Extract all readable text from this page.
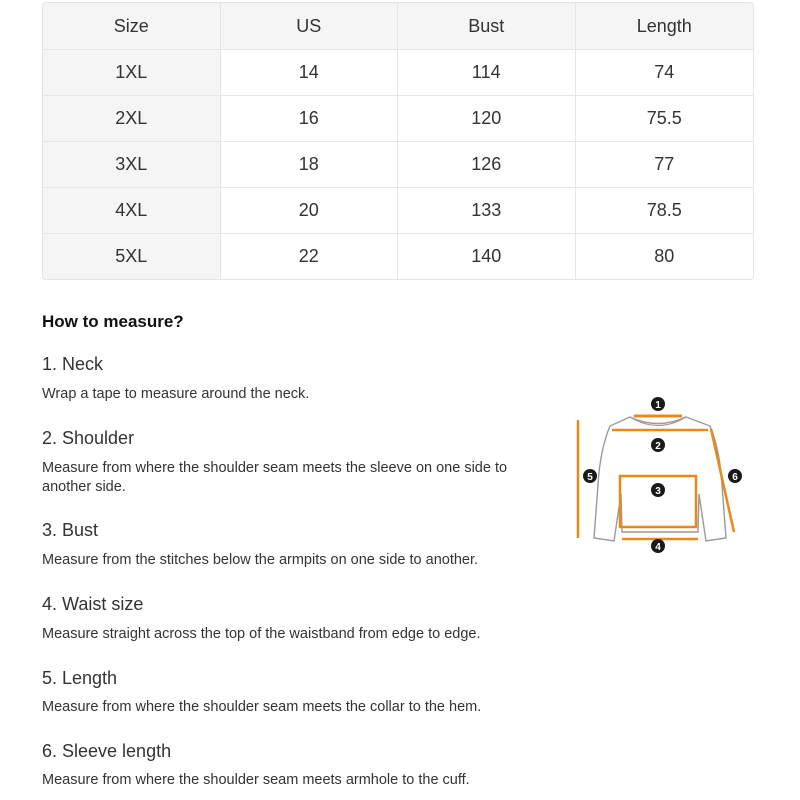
Size	US	Bust	Length
1XL	14	114	74
2XL	16	120	75.5
3XL	18	126	77
4XL	20	133	78.5
5XL	22	140	80
How to measure?

1. Neck

Wrap a tape to measure around the neck.

2. Shoulder

Measure from where the shoulder seam meets the sleeve on one side to another side.

3. Bust

Measure from the stitches below the armpits on one side to another.

4. Waist size

Measure straight across the top of the waistband from edge to edge.

5. Length

Measure from where the shoulder seam meets the collar to the hem.

6. Sleeve length

Measure from where the shoulder seam meets armhole to the cuff.

1
2
3
4
5	6
